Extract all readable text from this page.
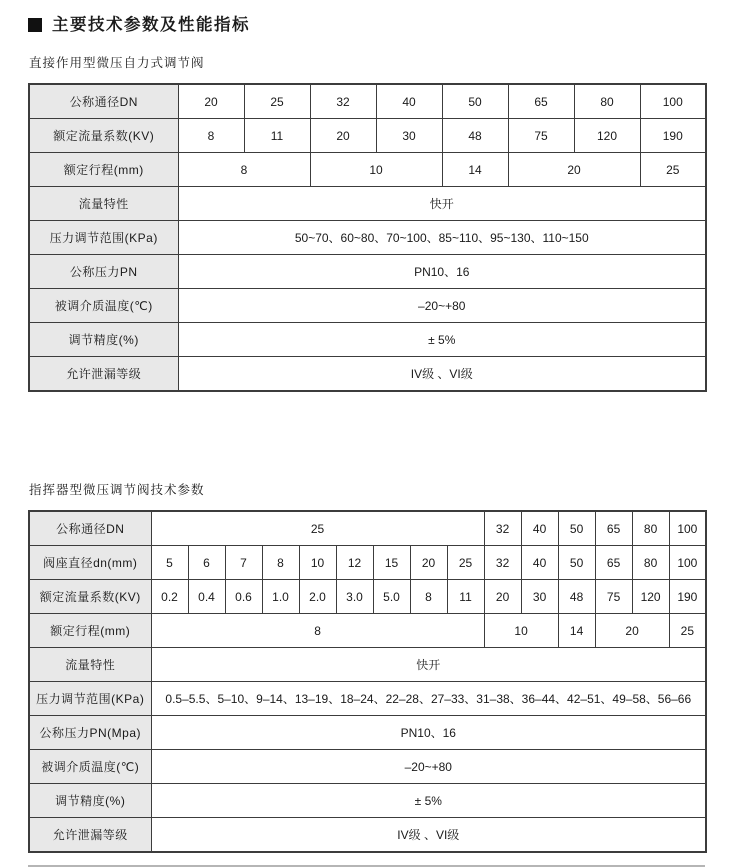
主要技术参数及性能指标
直接作用型微压自力式调节阀
公称通径DN	20	25	32	40	50	65	80	100
额定流量系数(KV)	8	11	20	30	48	75	120	190
额定行程(mm)	8		10		14	20		25
流量特性	快开							
压力调节范围(KPa)	50~70、60~80、70~100、85~110、95~130、110~150							
公称压力PN	PN10、16							
被调介质温度(℃)	–20~+80							
调节精度(%)	± 5%							
允许泄漏等级	IV级 、VI级							
指挥器型微压调节阀技术参数
公称通径DN	25									32	40	50	65	80	100
阀座直径dn(mm)	5	6	7	8	10	12	15	20	25	32	40	50	65	80	100
额定流量系数(KV)	0.2	0.4	0.6	1.0	2.0	3.0	5.0	8	11	20	30	48	75	120	190
额定行程(mm)	8									10		14	20		25
流量特性	快开														
压力调节范围(KPa)	0.5–5.5、5–10、9–14、13–19、18–24、22–28、27–33、31–38、36–44、42–51、49–58、56–66														
公称压力PN(Mpa)	PN10、16														
被调介质温度(℃)	–20~+80														
调节精度(%)	± 5%														
允许泄漏等级	IV级 、VI级														
